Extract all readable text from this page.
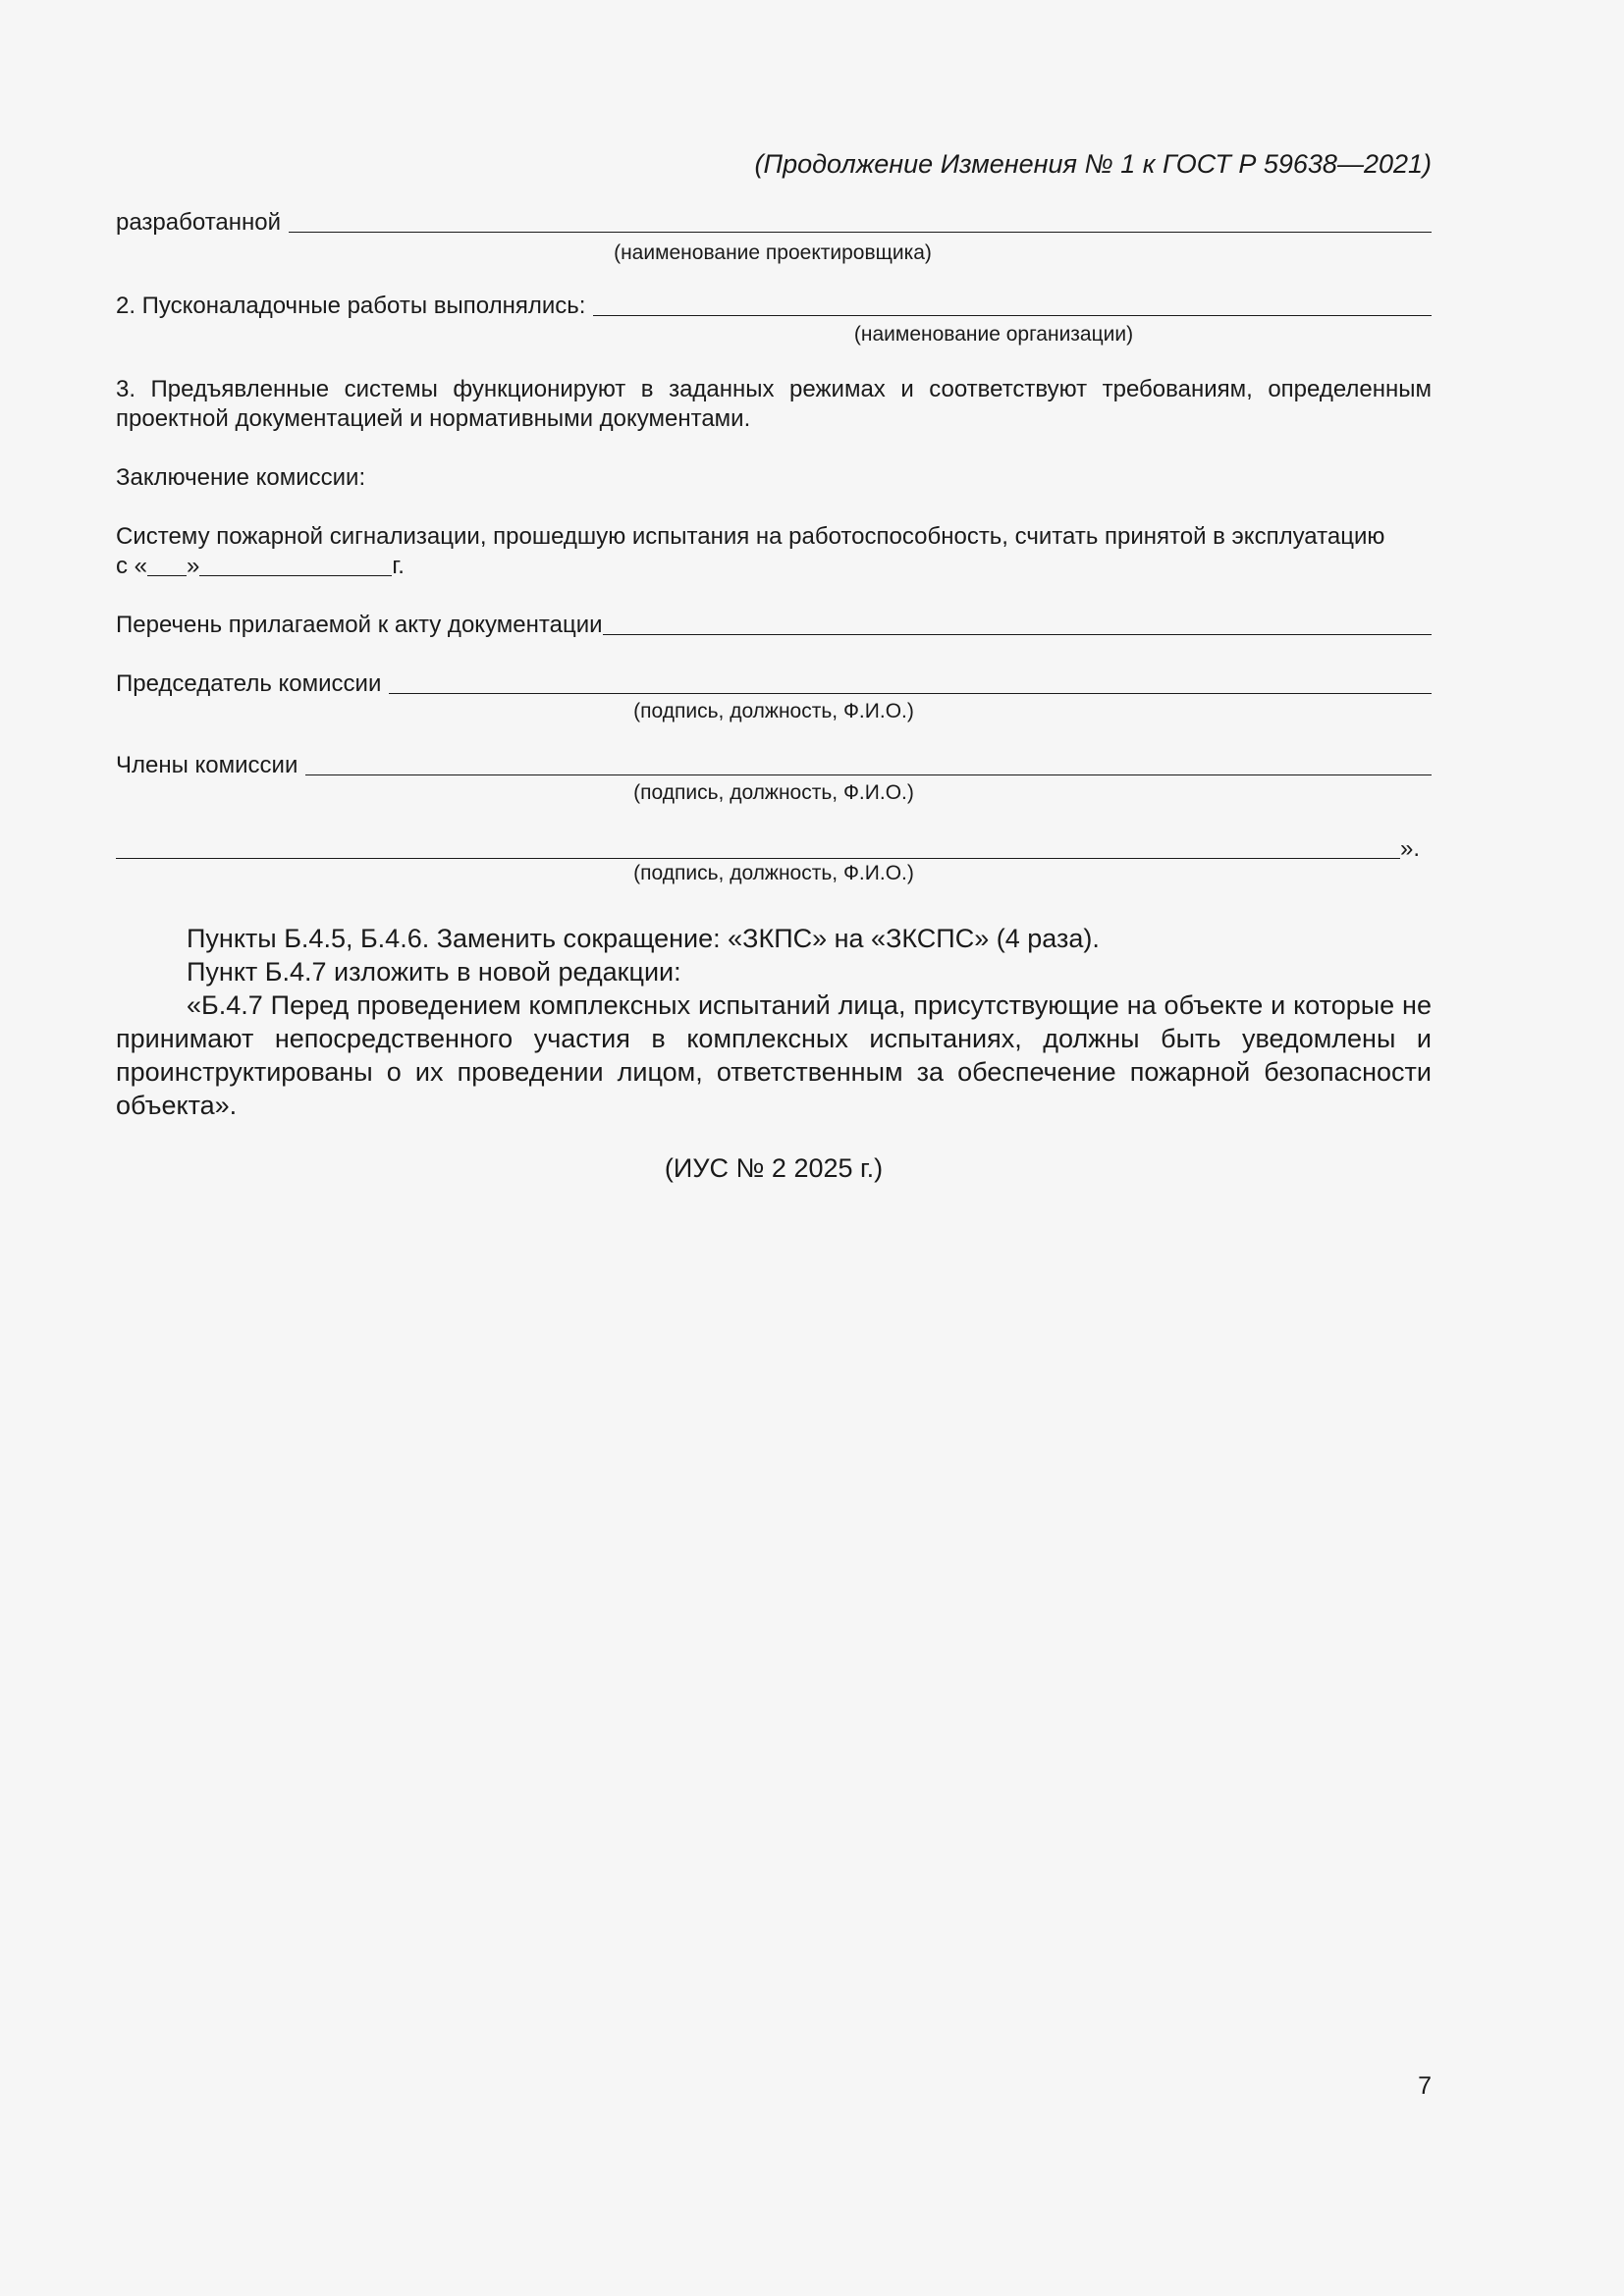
(Продолжение Изменения № 1 к ГОСТ Р 59638—2021)
разработанной
(наименование проектировщика)
2. Пусконаладочные работы выполнялись:
(наименование организации)
3. Предъявленные системы функционируют в заданных режимах и соответствуют требованиям, определенным проектной документацией и нормативными документами.
Заключение комиссии:
Систему пожарной сигнализации, прошедшую испытания на работоспособность, считать принятой в эксплуатацию
с « »	г.
Перечень прилагаемой к акту документации
Председатель комиссии
(подпись, должность, Ф.И.О.)
Члены комиссии
(подпись, должность, Ф.И.О.)
».
(подпись, должность, Ф.И.О.)
Пункты Б.4.5, Б.4.6. Заменить сокращение: «ЗКПС» на «ЗКСПС» (4 раза).
Пункт Б.4.7 изложить в новой редакции:
«Б.4.7 Перед проведением комплексных испытаний лица, присутствующие на объекте и которые не принимают непосредственного участия в комплексных испытаниях, должны быть уведомлены и проинструктированы о их проведении лицом, ответственным за обеспечение пожарной безопасности объекта».
(ИУС № 2 2025 г.)
7
